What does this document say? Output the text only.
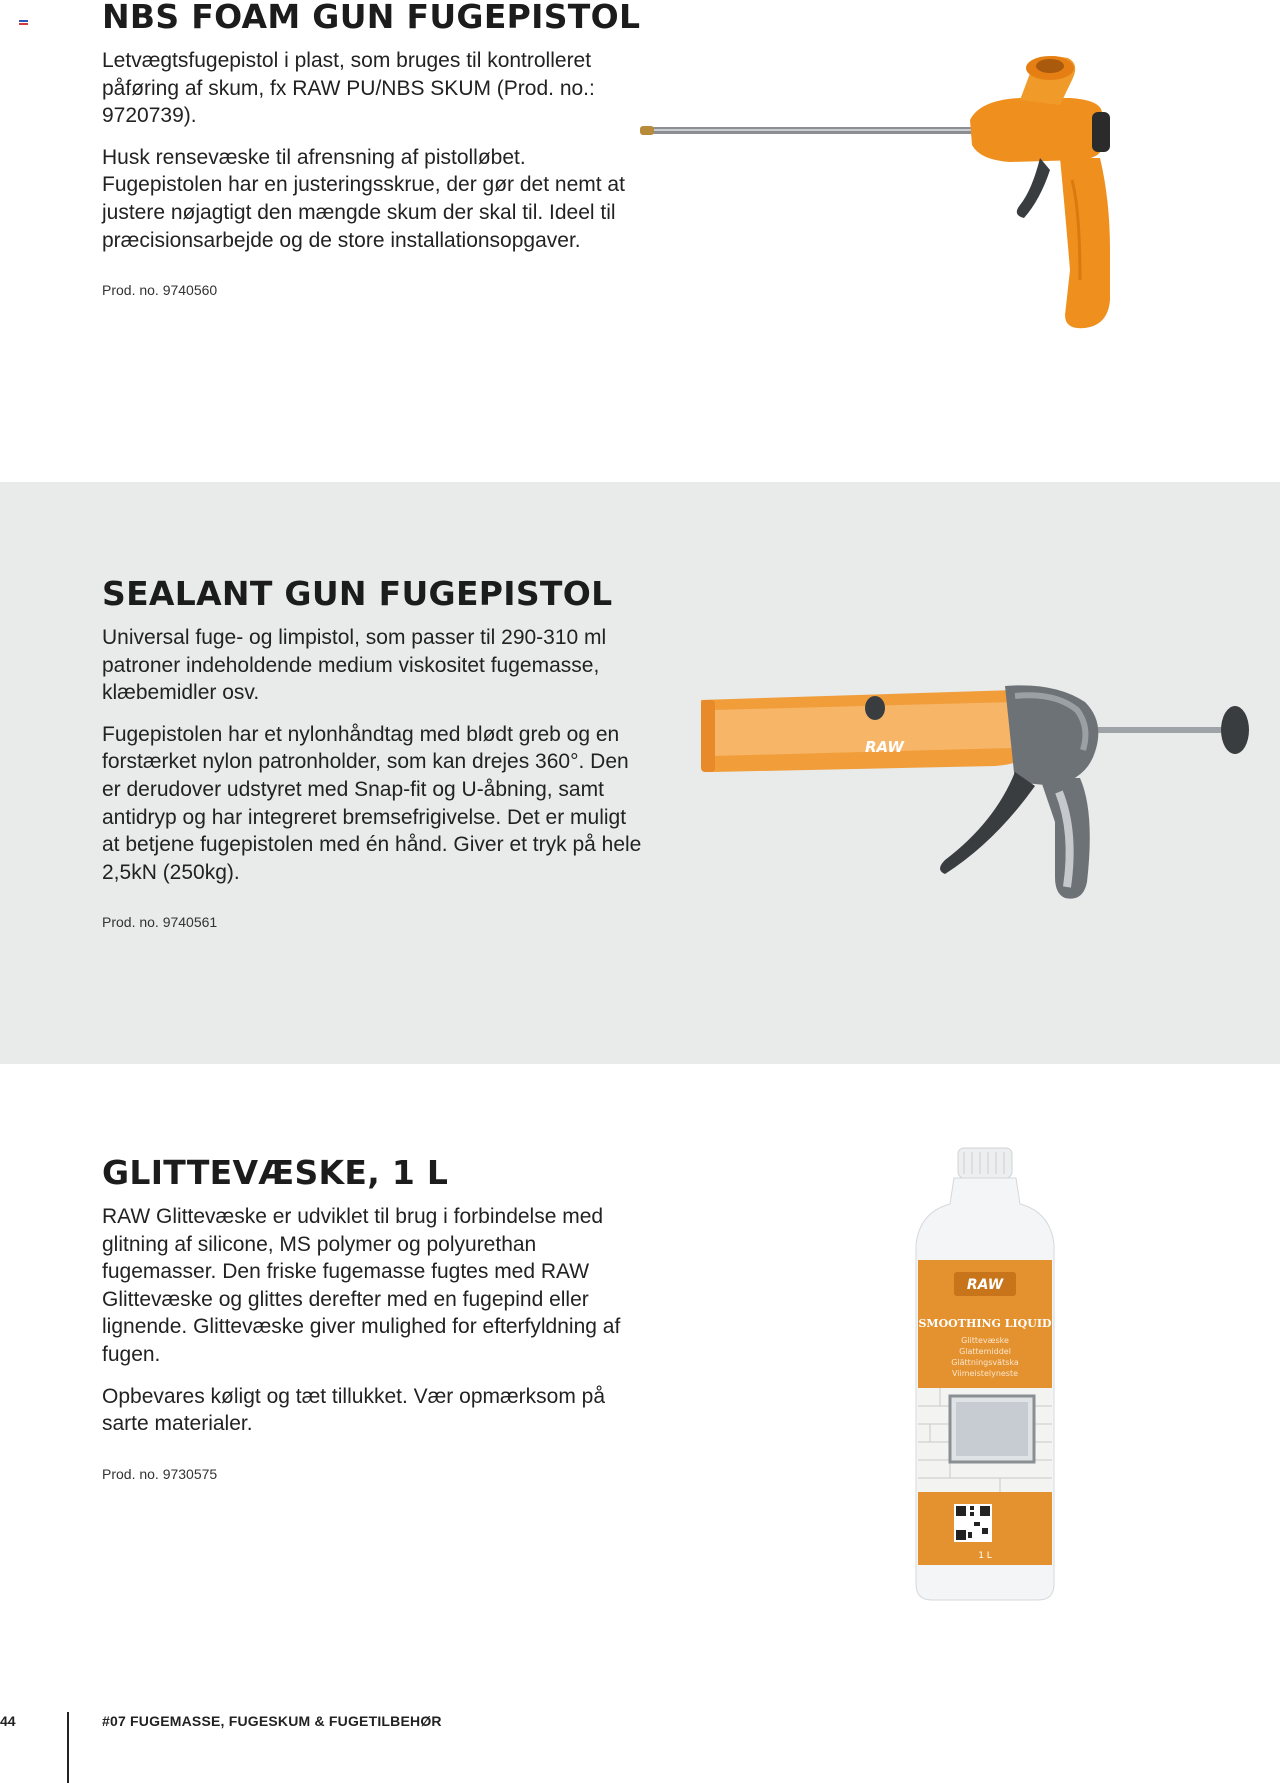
NBS FOAM GUN FUGEPISTOL

Letvægtsfugepistol i plast, som bruges til kontrolleret påføring af skum, fx RAW PU/NBS SKUM (Prod. no.: 9720739).

Husk rensevæske til afrensning af pistolløbet. Fugepistolen har en justeringsskrue, der gør det nemt at justere nøjagtigt den mængde skum der skal til. Ideel til præcisionsarbejde og de store installationsopgaver.

Prod. no. 9740560
SEALANT GUN FUGEPISTOL

Universal fuge- og limpistol, som passer til 290-310 ml patroner indeholdende medium viskositet fugemasse, klæbemidler osv.

Fugepistolen har et nylonhåndtag med blødt greb og en forstærket nylon patronholder, som kan drejes 360°. Den er derudover udstyret med Snap-fit og U-åbning, samt antidryp og har integreret bremsefrigivelse. Det er muligt at betjene fugepistolen med én hånd. Giver et tryk på hele 2,5kN (250kg).

Prod. no. 9740561
RAW
GLITTEVÆSKE, 1 L

RAW Glittevæske er udviklet til brug i forbindelse med glitning af silicone, MS polymer og polyurethan fugemasser. Den friske fugemasse fugtes med RAW Glittevæske og glittes derefter med en fugepind eller lignende. Glittevæske giver mulighed for efterfyldning af fugen.

Opbevares køligt og tæt tillukket. Vær opmærksom på sarte materialer.

Prod. no. 9730575
RAW
SMOOTHING LIQUID
Glittevæske
Glattemiddel
Glättningsvätska
Viimeistelyneste
1 L
44	#07 FUGEMASSE, FUGESKUM & FUGETILBEHØR
